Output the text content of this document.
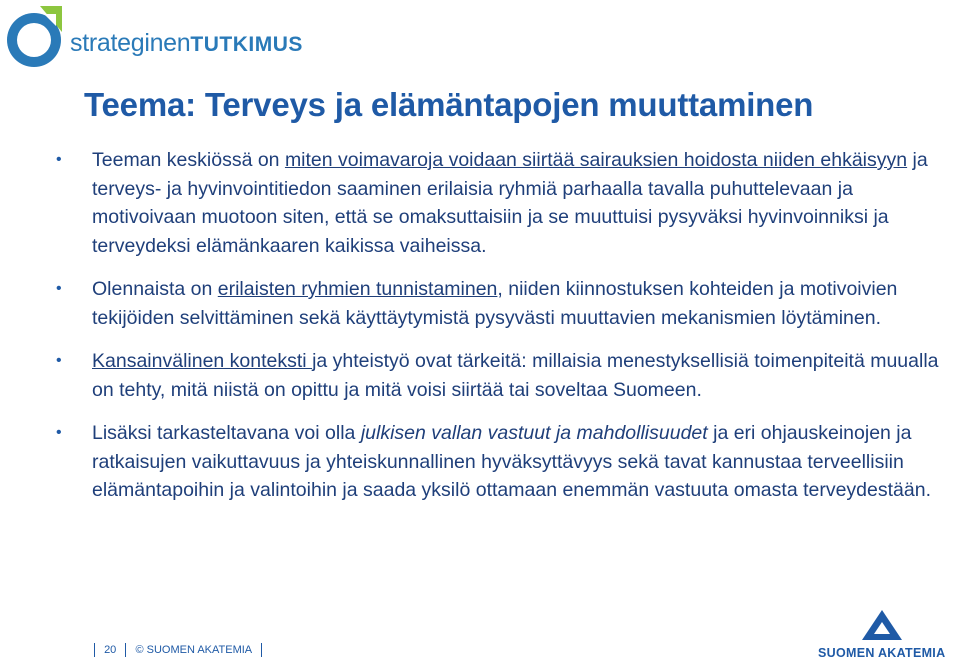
strateginenTUTKIMUS
Teema: Terveys ja elämäntapojen muuttaminen
• Teeman keskiössä on miten voimavaroja voidaan siirtää sairauksien hoidosta niiden ehkäisyyn ja terveys- ja hyvinvointitiedon saaminen erilaisia ryhmiä parhaalla tavalla puhuttelevaan ja motivoivaan muotoon siten, että se omaksuttaisiin ja se muuttuisi pysyväksi hyvinvoinniksi ja terveydeksi elämänkaaren kaikissa vaiheissa.
• Olennaista on erilaisten ryhmien tunnistaminen, niiden kiinnostuksen kohteiden ja motivoivien tekijöiden selvittäminen sekä käyttäytymistä pysyvästi muuttavien mekanismien löytäminen.
• Kansainvälinen konteksti ja yhteistyö ovat tärkeitä: millaisia menestyksellisiä toimenpiteitä muualla on tehty, mitä niistä on opittu ja mitä voisi siirtää tai soveltaa Suomeen.
• Lisäksi tarkasteltavana voi olla julkisen vallan vastuut ja mahdollisuudet ja eri ohjauskeinojen ja ratkaisujen vaikuttavuus ja yhteiskunnallinen hyväksyttävyys sekä tavat kannustaa terveellisiin elämäntapoihin ja valintoihin ja saada yksilö ottamaan enemmän vastuuta omasta terveydestään.
20 © SUOMEN AKATEMIA	SUOMEN AKATEMIA
